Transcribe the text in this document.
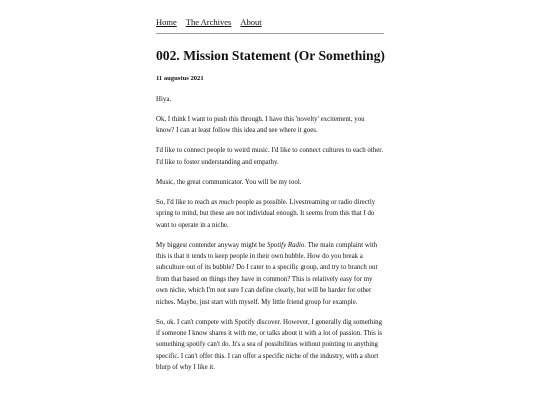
Home The Archives About
002. Mission Statement (Or Something)
11 augustus 2021

Hiya.

Ok, I think I want to push this through. I have this 'novelty' excitement, you know? I can at least follow this idea and see where it goes.

I'd like to connect people to weird music. I'd like to connect cultures to each other. I'd like to foster understanding and empathy.

Music, the great communicator. You will be my tool.

So, I'd like to reach as much people as possible. Livestreaming or radio directly spring to mind, but these are not individual enough. It seems from this that I do want to operate in a niche.

My biggest contender anyway might be Spotify Radio. The main complaint with this is that it tends to keep people in their own bubble. How do you break a subculture out of its bubble? Do I cater to a specific group, and try to branch out from that based on things they have in common? This is relatively easy for my own niche, which I'm not sure I can define clearly, but will be harder for other niches. Maybe, just start with myself. My little friend group for example.

So, ok. I can't compete with Spotify discover. However, I generally dig something if someone I know shares it with me, or talks about it with a lot of passion. This is something spotify can't do. It's a sea of possibilities without pointing to anything specific. I can't offer this. I can offer a specific niche of the industry, with a short blurp of why I like it.
